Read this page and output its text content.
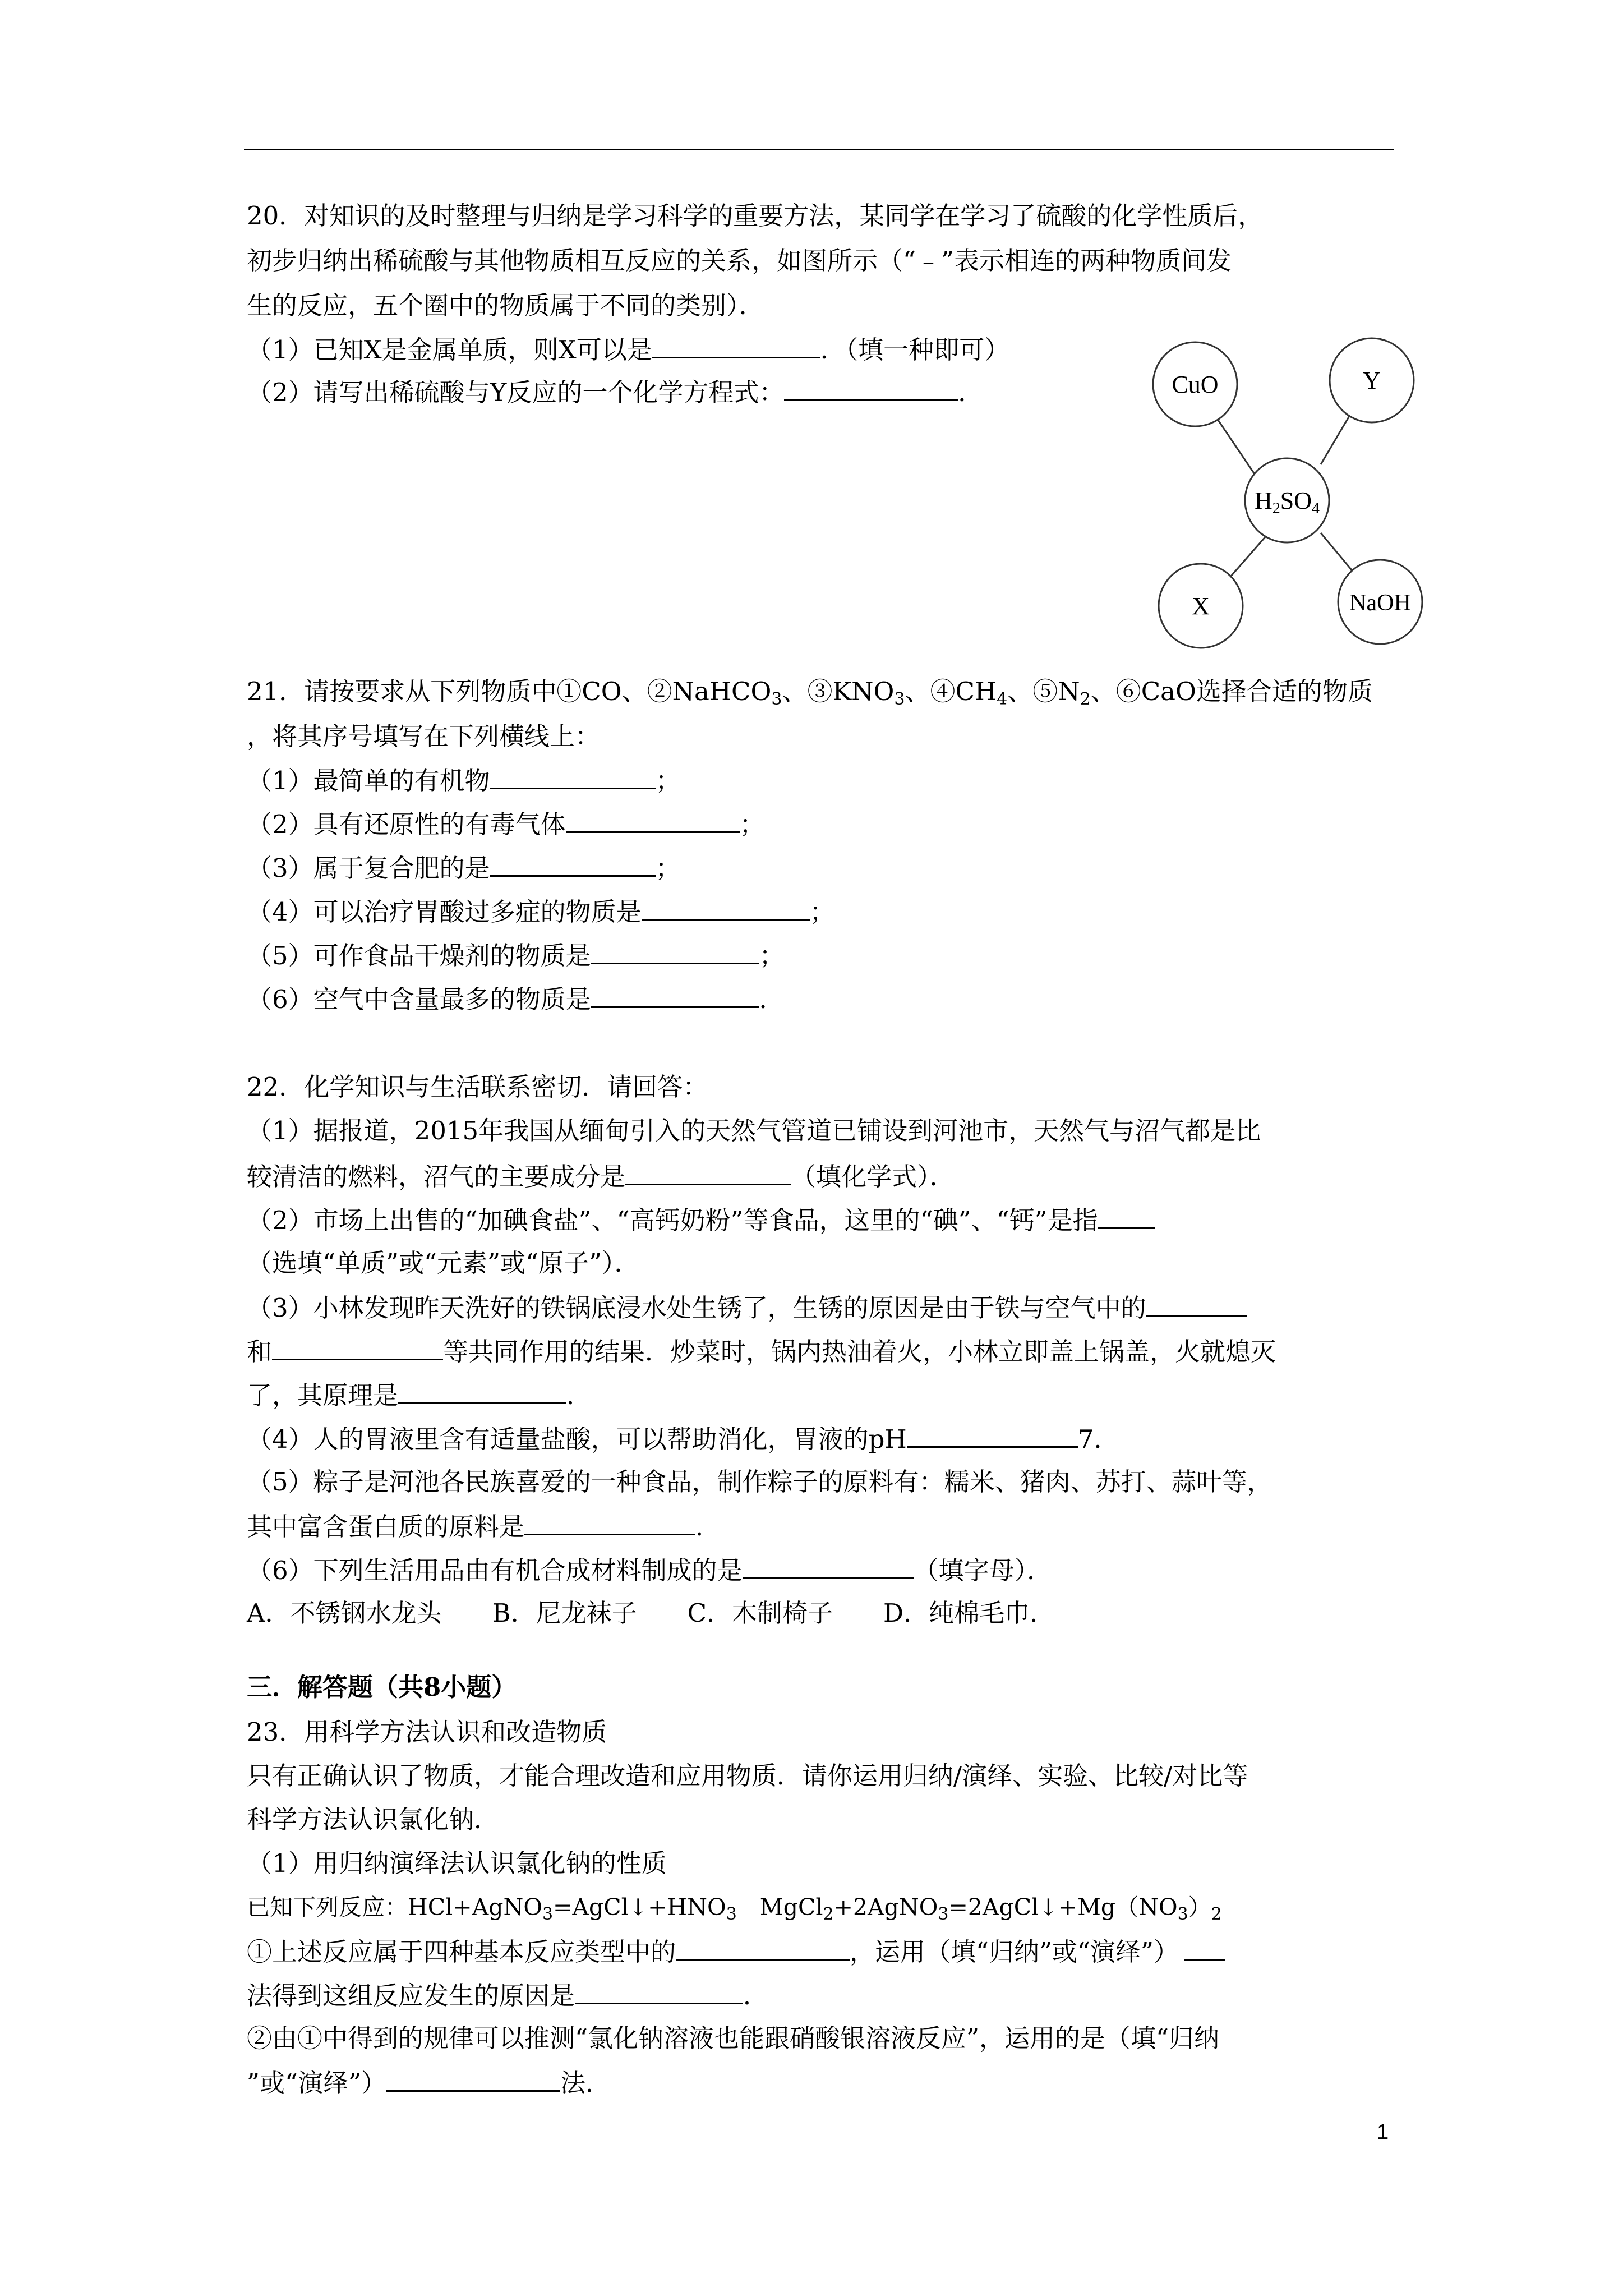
20．对知识的及时整理与归纳是学习科学的重要方法，某同学在学习了硫酸的化学性质后，
初步归纳出稀硫酸与其他物质相互反应的关系，如图所示（“﹣”表示相连的两种物质间发
生的反应，五个圈中的物质属于不同的类别）．
（1）已知X是金属单质，则X可以是	．（填一种即可）
（2）请写出稀硫酸与Y反应的一个化学方程式：	．	CuO	Y
H2SO4
X	NaOH
21．请按要求从下列物质中①CO、②NaHCO$_3$、$③KNO_3$、$④CH_4$、$⑤N_2$、⑥CaO选择合适的物质
，将其序号填写在下列横线上：
（1）最简单的有机物	；
（2）具有还原性的有毒气体	；
（3）属于复合肥的是	；
（4）可以治疗胃酸过多症的物质是	；
（5）可作食品干燥剂的物质是	；
（6）空气中含量最多的物质是	．
22．化学知识与生活联系密切．请回答：
（1）据报道，2015年我国从缅甸引入的天然气管道已铺设到河池市，天然气与沼气都是比
较清洁的燃料，沼气的主要成分是	（填化学式）．
（2）市场上出售的“加碘食盐”、“高钙奶粉”等食品，这里的“碘”、“钙”是指
（选填“单质”或“元素”或“原子”）．
（3）小林发现昨天洗好的铁锅底浸水处生锈了，生锈的原因是由于铁与空气中的
和	等共同作用的结果．炒菜时，锅内热油着火，小林立即盖上锅盖，火就熄灭
了，其原理是	．
（4）人的胃液里含有适量盐酸，可以帮助消化，胃液的pH	7．
（5）粽子是河池各民族喜爱的一种食品，制作粽子的原料有：糯米、猪肉、苏打、蒜叶等，
其中富含蛋白质的原料是	．
（6）下列生活用品由有机合成材料制成的是	（填字母）．
A．不锈钢水龙头　　B．尼龙袜子　　C．木制椅子　　D．纯棉毛巾．
三．解答题（共8小题）
23．用科学方法认识和改造物质
只有正确认识了物质，才能合理改造和应用物质．请你运用归纳/演绎、实验、比较/对比等
科学方法认识氯化钠．
（1）用归纳演绎法认识氯化钠的性质
已知下列反应：$HCl+AgNO_3=AgCl↓+HNO_3$　$MgCl_2+2AgNO_3=2AgCl↓+Mg(NO_3)_2$
①上述反应属于四种基本反应类型中的	，运用（填“归纳”或“演绎”）
法得到这组反应发生的原因是	．
②由①中得到的规律可以推测“氯化钠溶液也能跟硝酸银溶液反应”，运用的是（填“归纳
”或“演绎”）	法．
1
